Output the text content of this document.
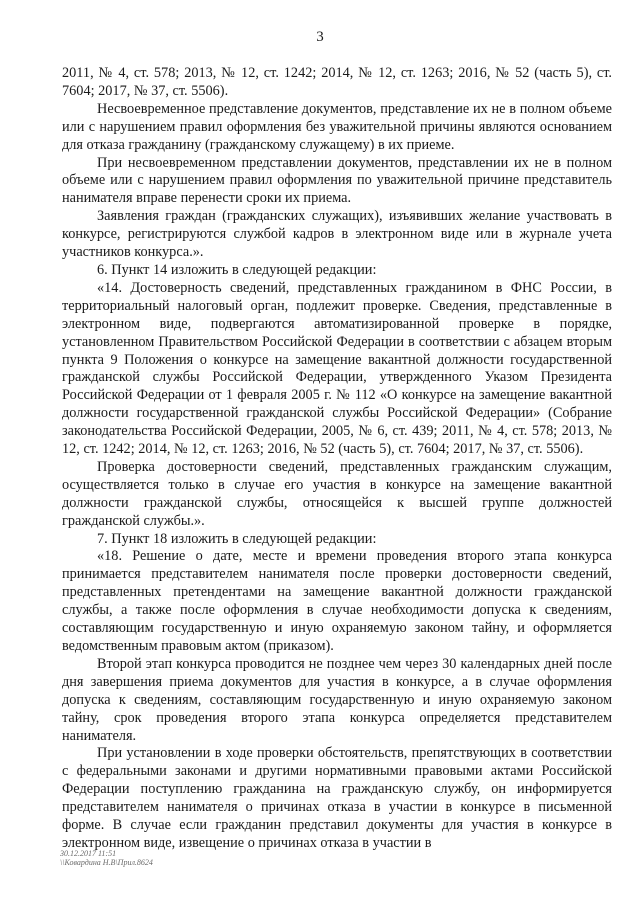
3

2011, № 4, ст. 578; 2013, № 12, ст. 1242; 2014, № 12, ст. 1263; 2016, № 52 (часть 5), ст. 7604; 2017, № 37, ст. 5506).

Несвоевременное представление документов, представление их не в полном объеме или с нарушением правил оформления без уважительной причины являются основанием для отказа гражданину (гражданскому служащему) в их приеме.

При несвоевременном представлении документов, представлении их не в полном объеме или с нарушением правил оформления по уважительной причине представитель нанимателя вправе перенести сроки их приема.

Заявления граждан (гражданских служащих), изъявивших желание участвовать в конкурсе, регистрируются службой кадров в электронном виде или в журнале учета участников конкурса.».

6. Пункт 14 изложить в следующей редакции:

«14. Достоверность сведений, представленных гражданином в ФНС России, в территориальный налоговый орган, подлежит проверке. Сведения, представленные в электронном виде, подвергаются автоматизированной проверке в порядке, установленном Правительством Российской Федерации в соответствии с абзацем вторым пункта 9 Положения о конкурсе на замещение вакантной должности государственной гражданской службы Российской Федерации, утвержденного Указом Президента Российской Федерации от 1 февраля 2005 г. № 112 «О конкурсе на замещение вакантной должности государственной гражданской службы Российской Федерации» (Собрание законодательства Российской Федерации, 2005, № 6, ст. 439; 2011, № 4, ст. 578; 2013, № 12, ст. 1242; 2014, № 12, ст. 1263; 2016, № 52 (часть 5), ст. 7604; 2017, № 37, ст. 5506).

Проверка достоверности сведений, представленных гражданским служащим, осуществляется только в случае его участия в конкурсе на замещение вакантной должности гражданской службы, относящейся к высшей группе должностей гражданской службы.».

7. Пункт 18 изложить в следующей редакции:

«18. Решение о дате, месте и времени проведения второго этапа конкурса принимается представителем нанимателя после проверки достоверности сведений, представленных претендентами на замещение вакантной должности гражданской службы, а также после оформления в случае необходимости допуска к сведениям, составляющим государственную и иную охраняемую законом тайну, и оформляется ведомственным правовым актом (приказом).

Второй этап конкурса проводится не позднее чем через 30 календарных дней после дня завершения приема документов для участия в конкурсе, а в случае оформления допуска к сведениям, составляющим государственную и иную охраняемую законом тайну, срок проведения второго этапа конкурса определяется представителем нанимателя.

При установлении в ходе проверки обстоятельств, препятствующих в соответствии с федеральными законами и другими нормативными правовыми актами Российской Федерации поступлению гражданина на гражданскую службу, он информируется представителем нанимателя о причинах отказа в участии в конкурсе в письменной форме. В случае если гражданин представил документы для участия в конкурсе в электронном виде, извещение о причинах отказа в участии в

30.12.2017 11:51
\\Ковардина Н.В\Прил.8624
